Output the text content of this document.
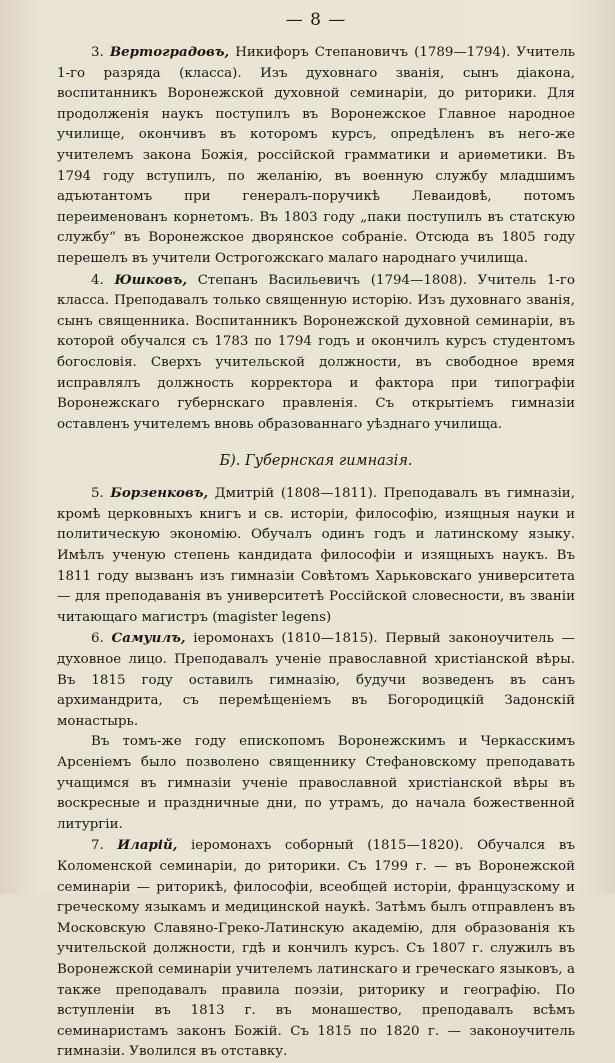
— 8 —

3. Вертоградовъ, Никифоръ Степановичъ (1789—1794). Учитель 1-го разряда (класса). Изъ духовнаго званія, сынъ діакона, воспитанникъ Воронежской духовной семинаріи, до риторики. Для продолженія наукъ поступилъ въ Воронежское Главное народное училище, окончивъ въ которомъ курсъ, опредѣленъ въ него-же учителемъ закона Божія, россійской грамматики и ариѳметики. Въ 1794 году вступилъ, по желанію, въ военную службу младшимъ адъютантомъ при генералъ-поручикѣ Леваидовѣ, потомъ переименованъ корнетомъ. Въ 1803 году „паки поступилъ въ статскую службу“ въ Воронежское дворянское собраніе. Отсюда въ 1805 году перешелъ въ учители Острогожскаго малаго народнаго училища.

4. Юшковъ, Степанъ Васильевичъ (1794—1808). Учитель 1-го класса. Преподавалъ только священную исторію. Изъ духовнаго званія, сынъ священника. Воспитанникъ Воронежской духовной семинаріи, въ которой обучался съ 1783 по 1794 годъ и окончилъ курсъ студентомъ богословія. Сверхъ учительской должности, въ свободное время исправлялъ должность корректора и фактора при типографіи Воронежскаго губернскаго правленія. Съ открытіемъ гимназіи оставленъ учителемъ вновь образованнаго уѣзднаго училища.

Б). Губернская гимназія.

5. Борзенковъ, Дмитрій (1808—1811). Преподавалъ въ гимназіи, кромѣ церковныхъ книгъ и св. исторіи, философію, изящныя науки и политическую экономію. Обучалъ одинъ годъ и латинскому языку. Имѣлъ ученую степень кандидата философіи и изящныхъ наукъ. Въ 1811 году вызванъ изъ гимназіи Совѣтомъ Харьковскаго университета — для преподаванія въ университетѣ Россійской словесности, въ званіи читающаго магистръ (magister legens)

6. Самуилъ, іеромонахъ (1810—1815). Первый законоучитель — духовное лицо. Преподавалъ ученіе православной христіанской вѣры. Въ 1815 году оставилъ гимназію, будучи возведенъ въ санъ архимандрита, съ перемѣщеніемъ въ Богородицкій Задонскій монастырь.

Въ томъ-же году епископомъ Воронежскимъ и Черкасскимъ Арсеніемъ было позволено священнику Стефановскому преподавать учащимся въ гимназіи ученіе православной христіанской вѣры въ воскресные и праздничные дни, по утрамъ, до начала божественной литургіи.

7. Иларій, іеромонахъ соборный (1815—1820). Обучался въ Коломенской семинаріи, до риторики. Съ 1799 г. — въ Воронежской семинаріи — риторикѣ, философіи, всеобщей исторіи, французскому и греческому языкамъ и медицинской наукѣ. Затѣмъ былъ отправленъ въ Московскую Славяно-Греко-Латинскую академію, для образованія къ учительской должности, гдѣ и кончилъ курсъ. Съ 1807 г. служилъ въ Воронежской семинаріи учителемъ латинскаго и греческаго языковъ, а также преподавалъ правила поэзіи, риторику и географію. По вступленіи въ 1813 г. въ монашество, преподавалъ всѣмъ семинаристамъ законъ Божій. Съ 1815 по 1820 г. — законоучитель гимназіи. Уволился въ отставку.
